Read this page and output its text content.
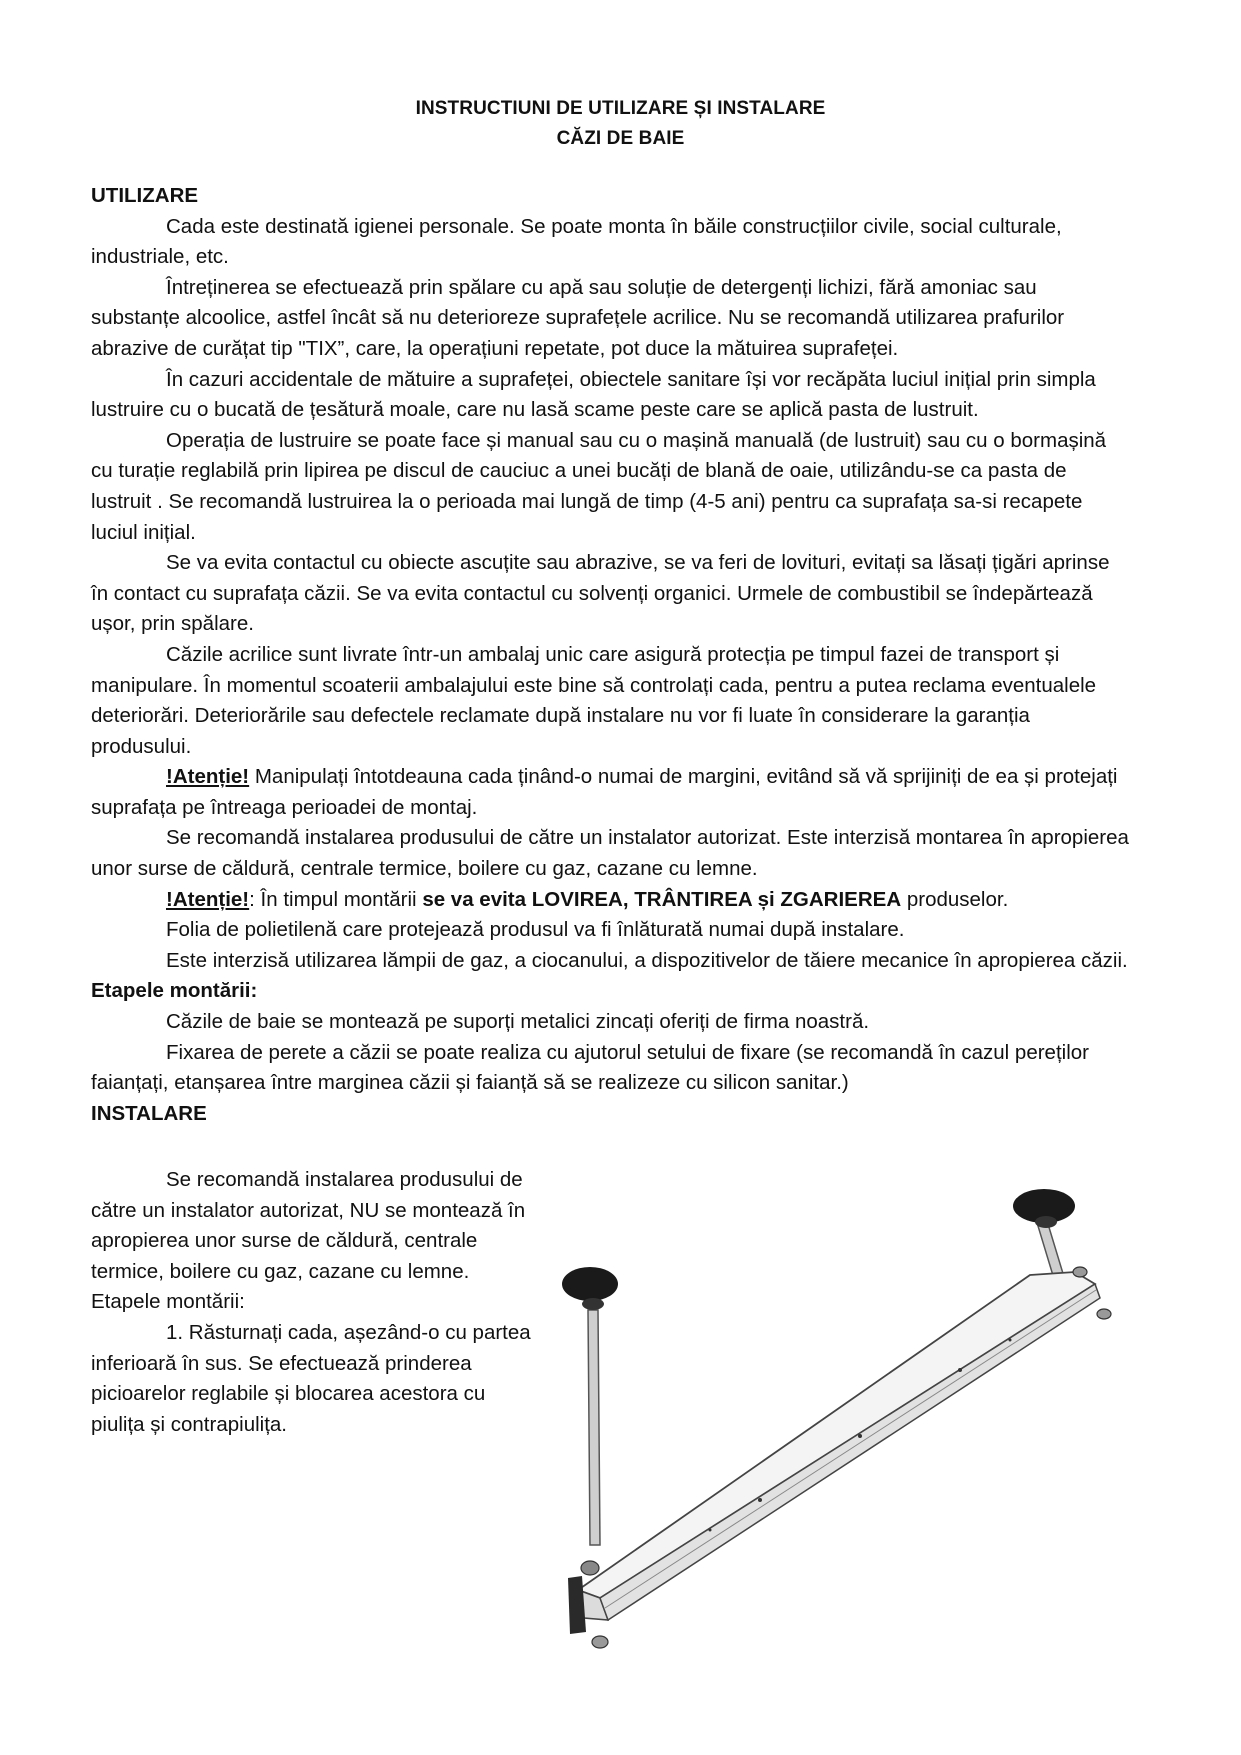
INSTRUCTIUNI DE UTILIZARE ȘI INSTALARE
CĂZI DE BAIE

UTILIZARE

Cada este destinată igienei personale. Se poate monta în băile construcțiilor civile, social culturale, industriale, etc.

Întreținerea se efectuează prin spălare cu apă sau soluție de detergenți lichizi, fără amoniac sau substanțe alcoolice, astfel încât să nu deterioreze suprafețele acrilice. Nu se recomandă utilizarea prafurilor abrazive de curățat tip "TIX”, care, la operațiuni repetate, pot duce la mătuirea suprafeței.

În cazuri accidentale de mătuire a suprafeței, obiectele sanitare își vor recăpăta luciul inițial prin simpla lustruire cu o bucată de țesătură moale, care nu lasă scame peste care se aplică pasta de lustruit.

Operația de lustruire se poate face și manual sau cu o mașină manuală (de lustruit) sau cu o bormașină cu turație reglabilă prin lipirea pe discul de cauciuc a unei bucăți de blană de oaie, utilizându-se ca pasta de lustruit . Se recomandă lustruirea la o perioada mai lungă de timp (4-5 ani) pentru ca suprafața sa-si recapete luciul inițial.

Se va evita contactul cu obiecte ascuțite sau abrazive, se va feri de lovituri, evitați sa lăsați țigări aprinse în contact cu suprafața căzii. Se va evita contactul cu solvenți organici. Urmele de combustibil se îndepărtează ușor, prin spălare.

Căzile acrilice sunt livrate într-un ambalaj unic care asigură protecția pe timpul fazei de transport și manipulare. În momentul scoaterii ambalajului este bine să controlați cada, pentru a putea reclama eventualele deteriorări. Deteriorările sau defectele reclamate după instalare nu vor fi luate în considerare la garanția produsului.

!Atenție! Manipulați întotdeauna cada ținând-o numai de margini, evitând să vă sprijiniți de ea și protejați suprafața pe întreaga perioadei de montaj.

Se recomandă instalarea produsului de către un instalator autorizat. Este interzisă montarea în apropierea unor surse de căldură, centrale termice, boilere cu gaz, cazane cu lemne.

!Atenție!: În timpul montării se va evita LOVIREA, TRÂNTIREA și ZGARIEREA produselor.

Folia de polietilenă care protejează produsul va fi înlăturată numai după instalare.

Este interzisă utilizarea lămpii de gaz, a ciocanului, a dispozitivelor de tăiere mecanice în apropierea căzii.

Etapele montării:

Căzile de baie se montează pe suporți metalici zincați oferiți de firma noastră.

Fixarea de perete a căzii se poate realiza cu ajutorul setului de fixare (se recomandă în cazul pereților faianțați, etanșarea între marginea căzii și faianță să se realizeze cu silicon sanitar.)

INSTALARE

Se recomandă instalarea produsului de către un instalator autorizat, NU se montează în apropierea unor surse de căldură, centrale termice, boilere cu gaz, cazane cu lemne.

Etapele montării:

1. Răsturnați cada, așezând-o cu partea inferioară în sus. Se efectuează prinderea picioarelor reglabile și blocarea acestora cu piulița și contrapiulița.
